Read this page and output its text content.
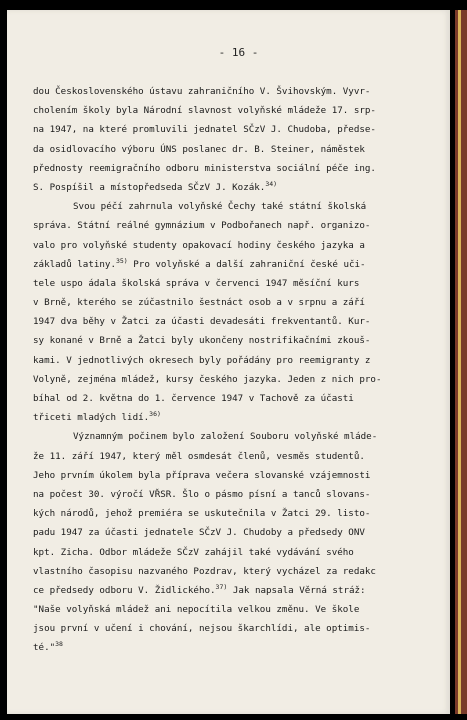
- 16 -
dou Československého ústavu zahraničního V. Švihovským. Vyvr-
cholením školy byla Národní slavnost volyňské mládeže 17. srp-
na 1947, na které promluvili jednatel SČzV J. Chudoba, předse-
da osidlovacího výboru ÚNS poslanec dr. B. Steiner, náměstek
přednosty reemigračního odboru ministerstva sociální péče ing.
S. Pospíšil a místopředseda SČzV J. Kozák.$^{34)}$
Svou péčí zahrnula volyňské Čechy také státní školská
správa. Státní reálné gymnázium v Podbořanech např. organizo-
valo pro volyňské studenty opakovací hodiny českého jazyka a
základů latiny.$^{35)}$ Pro volyňské a další zahraniční české uči-
tele uspo ádala školská správa v červenci 1947 měsíční kurs
v Brně, kterého se zúčastnilo šestnáct osob a v srpnu a září
1947 dva běhy v Žatci za účasti devadesáti frekventantů. Kur-
sy konané v Brně a Žatci byly ukončeny nostrifikačními zkouš-
kami. V jednotlivých okresech byly pořádány pro reemigranty z
Volyně, zejména mládež, kursy českého jazyka. Jeden z nich pro-
bíhal od 2. května do 1. července 1947 v Tachově za účasti
třiceti mladých lidí.$^{36)}$
Významným počinem bylo založení Souboru volyňské mláde-
že 11. září 1947, který měl osmdesát členů, vesměs studentů.
Jeho prvním úkolem byla příprava večera slovanské vzájemnosti
na počest 30. výročí VŘSR. Šlo o pásmo písní a tanců slovans-
kých národů, jehož premiéra se uskutečnila v Žatci 29. listo-
padu 1947 za účasti jednatele SČzV J. Chudoby a předsedy ONV
kpt. Zicha. Odbor mládeže SČzV zahájil také vydávání svého
vlastního časopisu nazvaného Pozdrav, který vycházel za redakc
ce předsedy odboru V. Židlického.$^{37)}$ Jak napsala Věrná stráž:
"Naše volyňská mládež ani nepocítila velkou změnu. Ve škole
jsou první v učení i chování, nejsou škarchlídi, ale optimis-
té."$^{38}$
